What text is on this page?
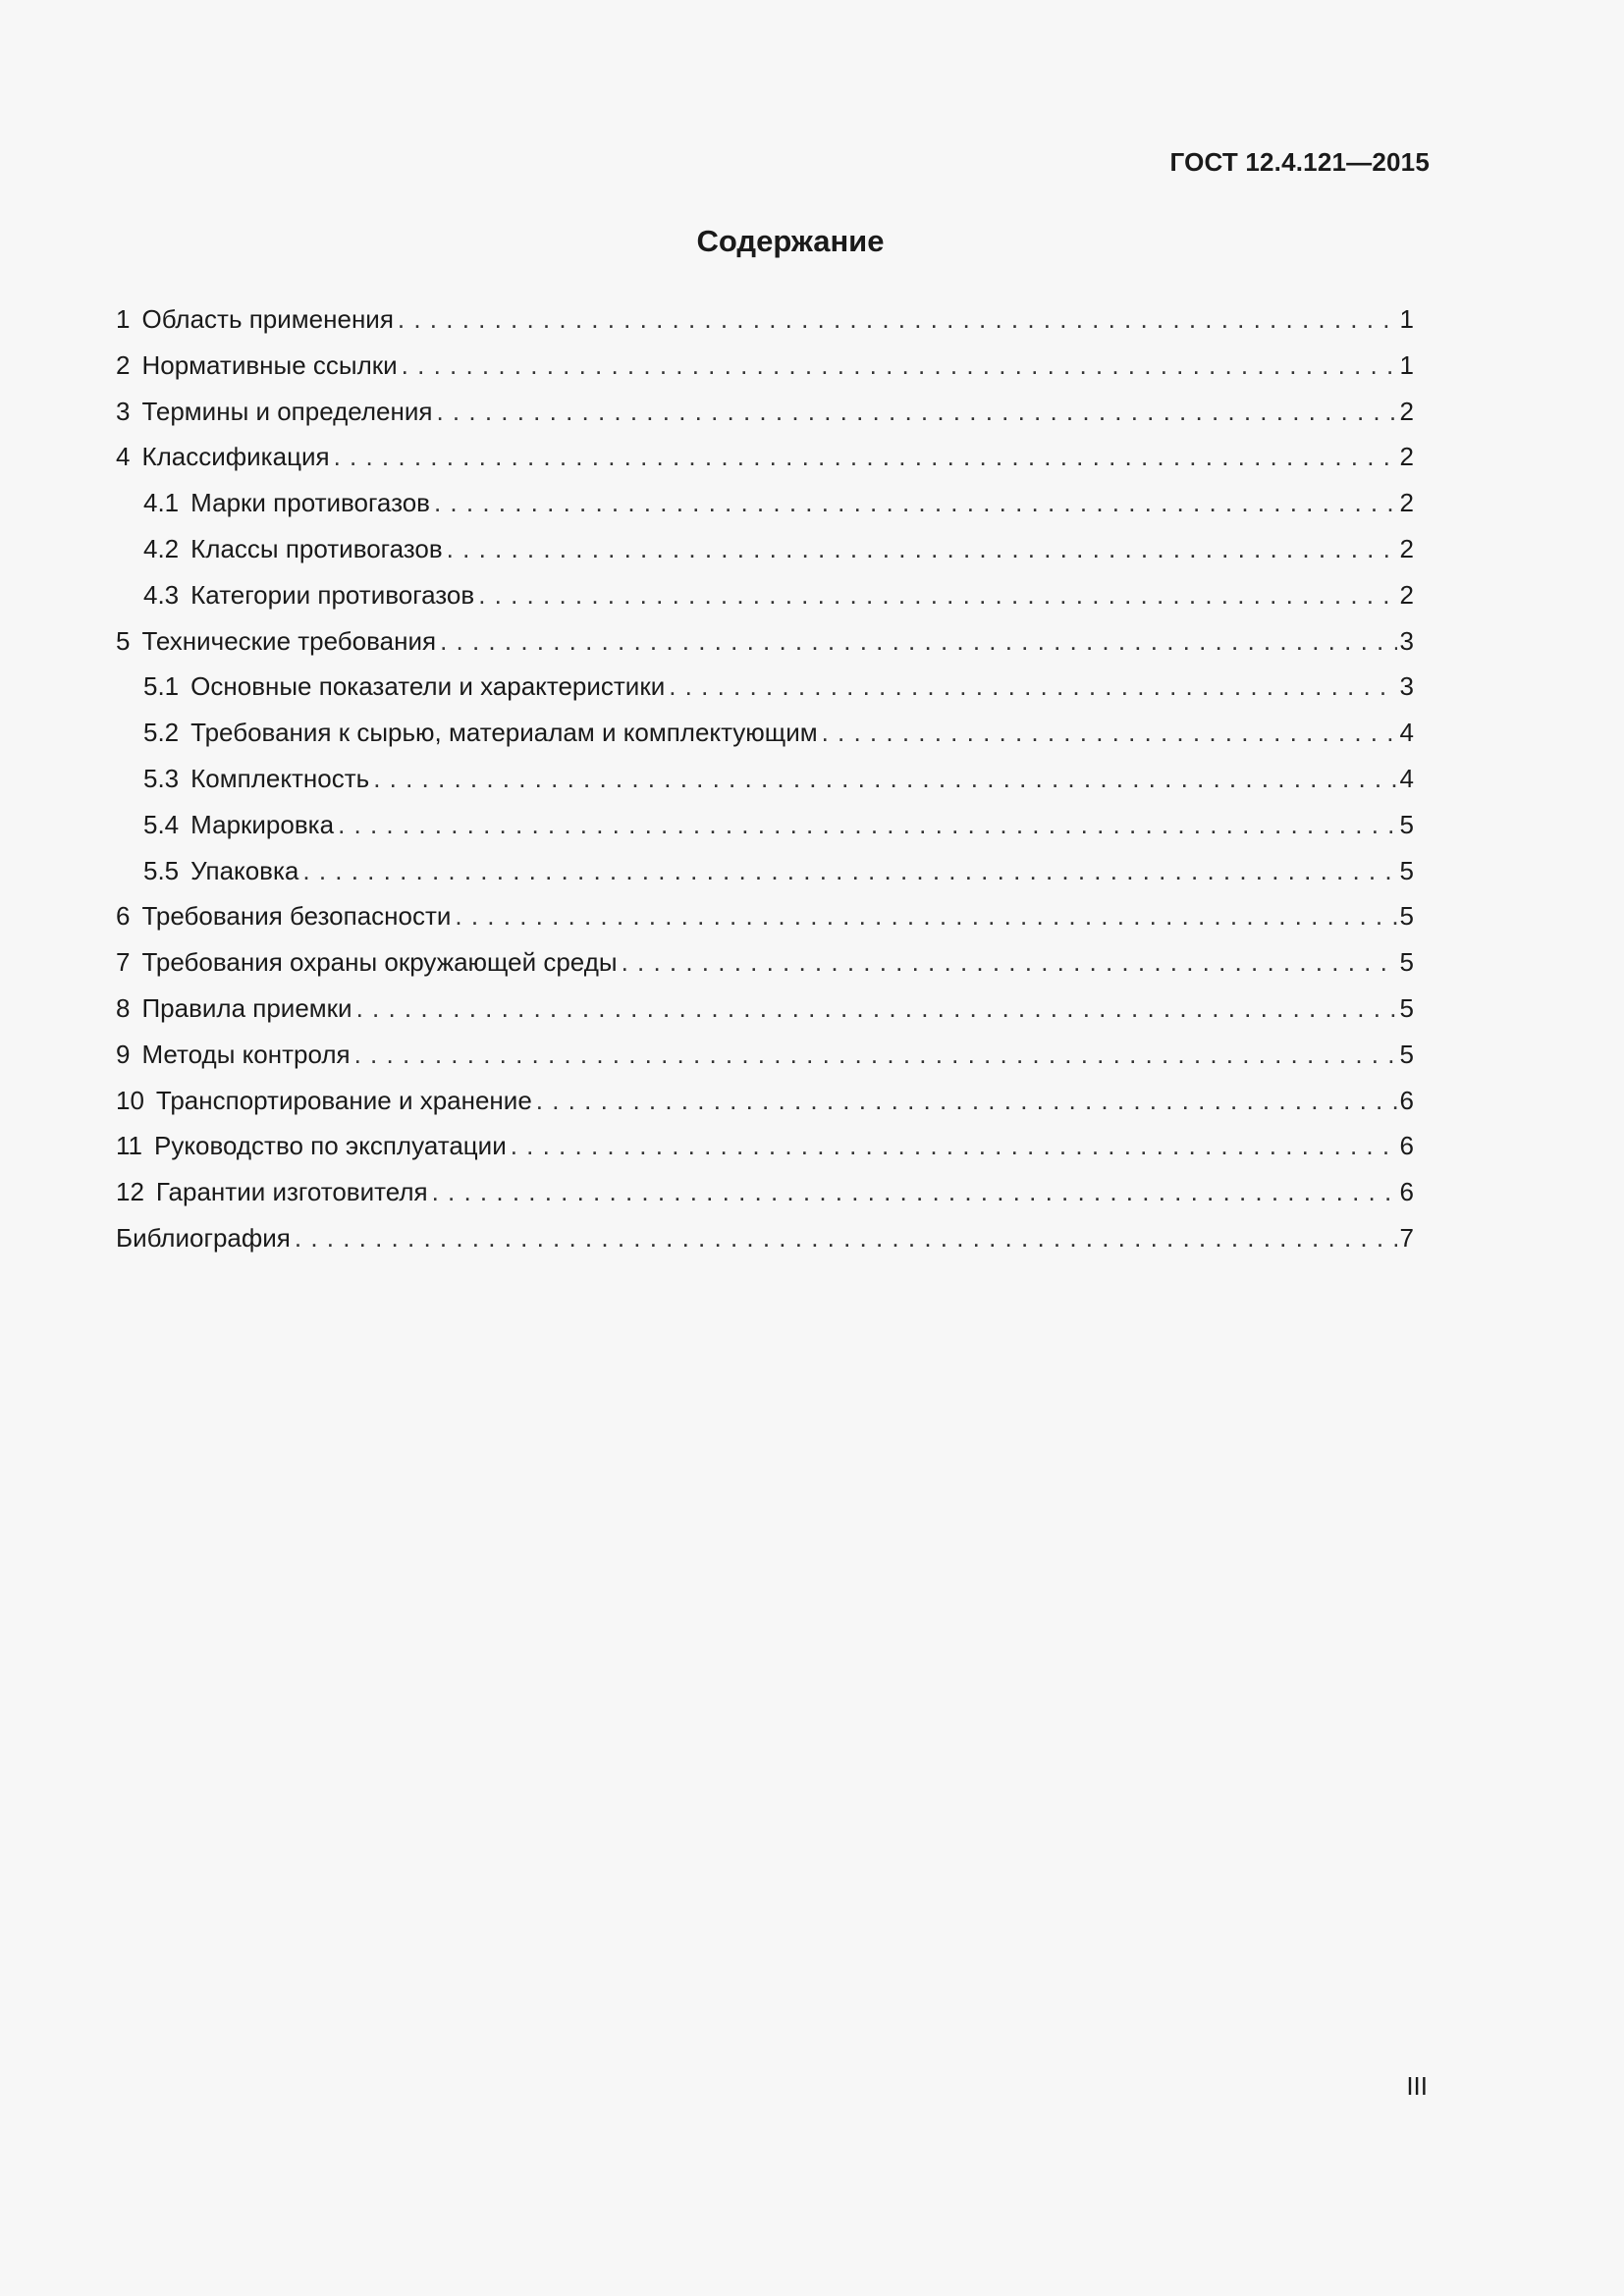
ГОСТ 12.4.121—2015
Содержание
1 Область применения . . .	1
2 Нормативные ссылки . . .	1
3 Термины и определения . . .	2
4 Классификация . . .	2
4.1 Марки противогазов . . .	2
4.2 Классы противогазов . . .	2
4.3 Категории противогазов . . .	2
5 Технические требования . . .	3
5.1 Основные показатели и характеристики . . .	3
5.2 Требования к сырью, материалам и комплектующим . . .	4
5.3 Комплектность . . .	4
5.4 Маркировка . . .	5
5.5 Упаковка . . .	5
6 Требования безопасности . . .	5
7 Требования охраны окружающей среды . . .	5
8 Правила приемки . . .	5
9 Методы контроля . . .	5
10 Транспортирование и хранение . . .	6
11 Руководство по эксплуатации . . .	6
12 Гарантии изготовителя . . .	6
Библиография . . .	7
III
